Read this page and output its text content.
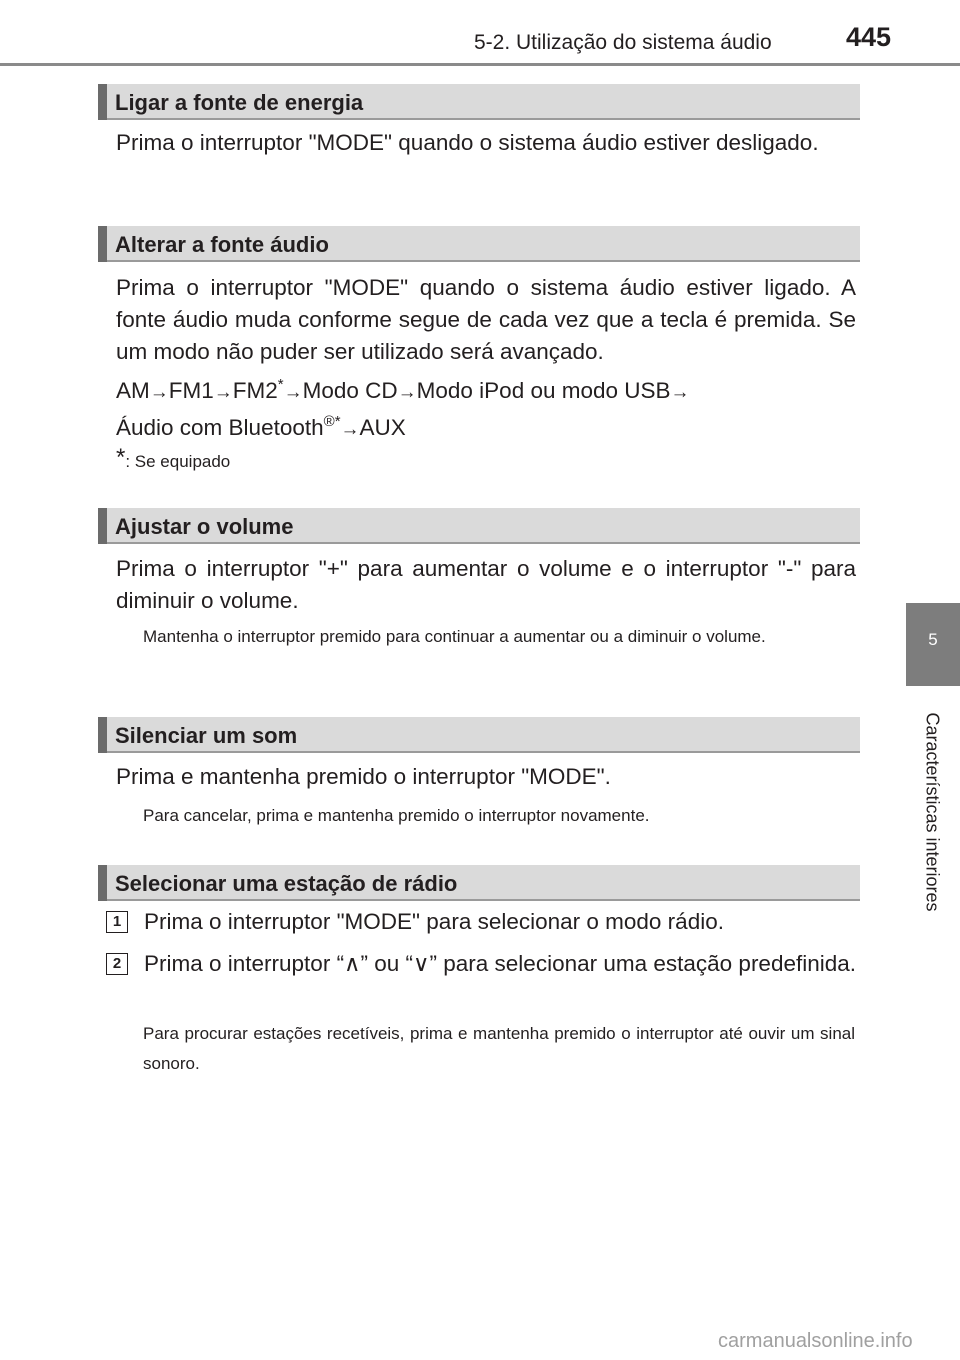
5-2. Utilização do sistema áudio	445
5
Características interiores
Ligar a fonte de energia
Prima o interruptor "MODE" quando o sistema áudio estiver desligado.
Alterar a fonte áudio
Prima o interruptor "MODE" quando o sistema áudio estiver ligado. A fonte áudio muda conforme segue de cada vez que a tecla é premida. Se um modo não puder ser utilizado será avançado.
AM→FM1→FM2*→Modo CD→Modo iPod ou modo USB→
Áudio com Bluetooth®*→AUX
*: Se equipado
Ajustar o volume
Prima o interruptor "+" para aumentar o volume e o interruptor "-" para diminuir o volume.
Mantenha o interruptor premido para continuar a aumentar ou a diminuir o volume.
Silenciar um som
Prima e mantenha premido o interruptor "MODE".
Para cancelar, prima e mantenha premido o interruptor novamente.
Selecionar uma estação de rádio
1	Prima o interruptor "MODE" para selecionar o modo rádio.
2	Prima o interruptor “∧” ou “∨” para selecionar uma estação predefinida.
Para procurar estações recetíveis, prima e mantenha premido o interruptor até ouvir um sinal sonoro.
carmanualsonline.info
